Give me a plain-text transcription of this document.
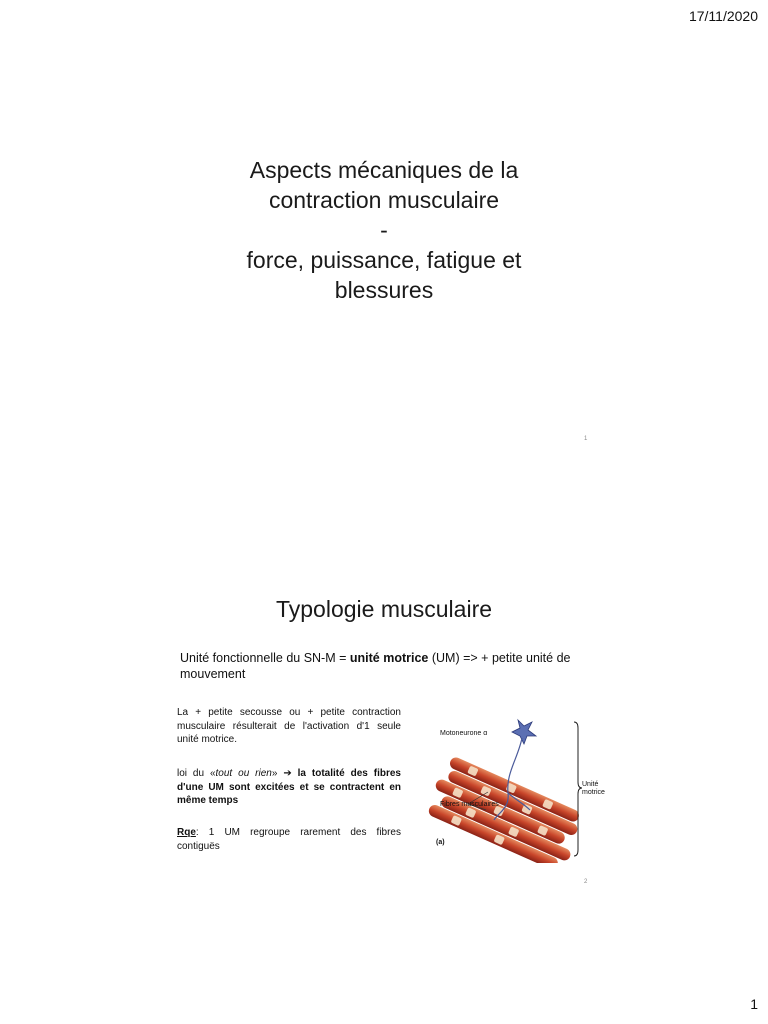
17/11/2020
Aspects mécaniques de la
contraction musculaire
-
force, puissance, fatigue et
blessures
1
Typologie musculaire
Unité fonctionnelle du SN-M = unité motrice (UM) => + petite unité de mouvement
La + petite secousse ou + petite contraction musculaire résulterait de l'activation d'1 seule unité motrice.
loi du «tout ou rien» ➔ la totalité des fibres d'une UM sont excitées et se contractent en même temps
Rqe: 1 UM regroupe rarement des fibres contiguës
Motoneurone α
Fibres musculaires
Unité motrice
(a)
2
1
